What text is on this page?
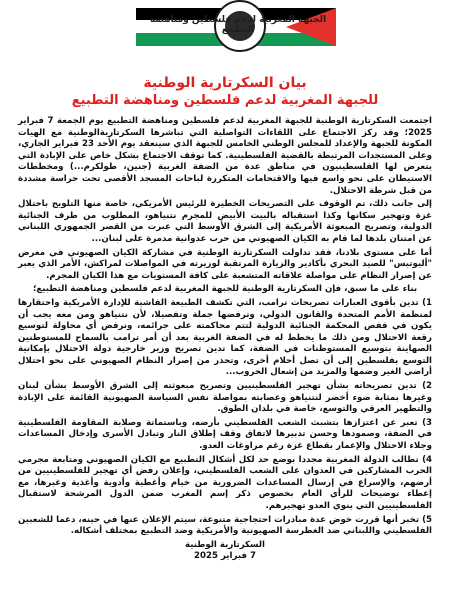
الجبهة المغربية لدعم فلسطين ومناهضة التطبيع
بيان السكرتارية الوطنية
للجبهة المغربية لدعم فلسطين ومناهضة التطبيع

اجتمعت السكرتارية الوطنية للجبهة المغربية لدعم فلسطين ومناهضة التطبيع يوم الجمعة 7 فبراير 2025؛ وقد ركز الاجتماع على اللقاءات التواصلية التي تباشرها السكرتاريةالوطنية مع الهيات المكونة للجبهة والإعداد للمجلس الوطني الخامس للجبهة الذي سينعقد يوم الأحد 23 فبراير الجاري، وعلى المستجدات المرتبطة بالقضية الفلسطينية. كما توقف الاجتماع بشكل خاص على الإبادة التي يتعرض لها الفلسطينيون في مناطق عدة من الضفة الغربية (جنين، طولكرم...) ومخططات الاستيطان على نحو واسع فيها والاقتحامات المتكررة لباحات المسجد الأقصى تحت حراسة مشددة من قبل شرطة الاحتلال.

إلى جانب ذلك، تم الوقوف على التصريحات الخطيرة للرئيس الأمريكي، خاصة منها التلويح باحتلال غزة وتهجير سكانها وكذا استقباله بالبيت الأبيض للمجرم نتنياهو، المطلوب من طرف الجنائية الدولية، وتصريح المبعوثة الأمريكية إلى الشرق الأوسط التي عبرت من القصر الجمهوري اللبناني عن امتنان بلدها لما قام به الكيان الصهيوني من حرب عدوانية مدمرة على لبنان...

أما على مستوى بلادنا، فقد تداولت السكرتارية الوطنية في مشاركة الكيان الصهيوني في معرض "أليوتيس" للصيد البحري بأكادير والزيارة المرتقبة لوزيرته في المواصلات لمراكش، الأمر الذي يعبر عن إصرار النظام على مواصلة علاقاته المتشعبة على كافة المستويات مع هذا الكيان المجرم.

بناء على ما سبق، فإن السكرتارية الوطنية للجبهة المغربية لدعم فلسطين ومناهضة التطبيع؛

1) تدين بأقوى العبارات تصريحات ترامب، التي تكشف الطبيعة الفاشية للإدارة الأمريكية واحتقارها لمنظمة الأمم المتحدة والقانون الدولي، وترفضها جملة وتفصيلا، لأن نتنياهو ومن معه يجب أن يكون في قفص المحكمة الجنائية الدولية لتتم محاكمته على جرائمه، ونرفض أي محاولة لتوسيع رقعة الاحتلال ومن ذلك ما يخطط له في الضفة الغربية بعد أن أمر ترامب بالسماح للمستوطنين الصهاينة بتوسيع المستوطنات في الضفة، كما تدين تصريح وزير خارجية دولة الاحتلال بإمكانية التوسع بفلسطين إلى أن تصل أحلام أخرى، وتحذر من إصرار النظام الصهيوني على نحو احتلال أراضي الغير وضمها والمزيد من إشعال الحروب...

2) تدين تصريحاته بشأن تهجير الفلسطينيين وتصريح مبعوثته إلى الشرق الأوسط بشأن لبنان وغيرها بمثابة ضوء أخضر لنتنياهو وعصابته بمواصلة نفس السياسة الصهيونية القائمة على الإبادة والتطهير العرقي والتوسع، خاصة في بلدان الطوق.

3) تعبر عن اعتزازها بتشبث الشعب الفلسطيني بأرضه، وباستماتة وصلابة المقاومة الفلسطينية في الضفة، وصمودها وحسن تدبيرها لاتفاق وقف إطلاق النار وتبادل الأسرى وإدخال المساعدات وجلاء الاحتلال والإعمار بقطاع غزة رغم مراوغات العدو.

4) تطالب الدولة المغربية مجددا بوضع حد لكل أشكال التطبيع مع الكيان الصهيوني ومتابعة مجرمي الحرب المشاركين في العدوان على الشعب الفلسطيني، وإعلان رفض أي تهجير للفلسطينيين من أرضهم، والإسراع في إرسال المساعدات الضرورية من خيام وأغطية وأدوية وأغذية وغيرها، مع إعطاء توضيحات للرأي العام بخصوص ذكر إسم المغرب ضمن الدول المرشحة لاستقبال الفلسطينيين التي ينوي العدو تهجيرهم.

5) تخبر أنها قررت خوض عدة مبادرات احتجاجية متنوعة، سيتم الإعلان عنها في حينه، دعما للشعبين الفلسطيني واللبناني ضد الغطرسة الصهيونية والأمريكية وضد التطبيع بمختلف أشكاله.

السكرتارية الوطنية
7 فبراير 2025
